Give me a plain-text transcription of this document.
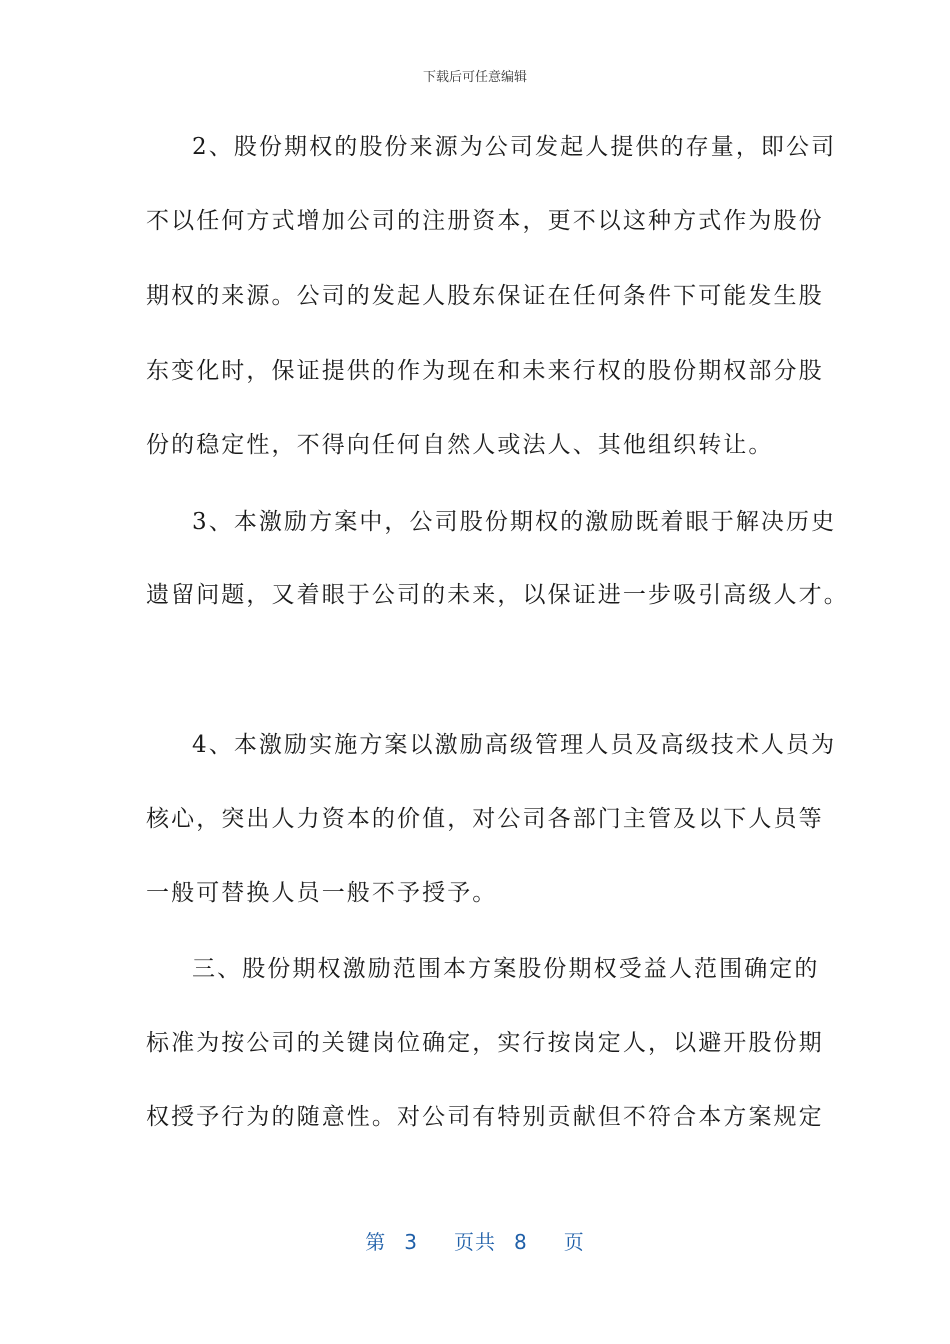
下载后可任意编辑
2、股份期权的股份来源为公司发起人提供的存量，即公司
不以任何方式增加公司的注册资本，更不以这种方式作为股份
期权的来源。公司的发起人股东保证在任何条件下可能发生股
东变化时，保证提供的作为现在和未来行权的股份期权部分股
份的稳定性，不得向任何自然人或法人、其他组织转让。
3、本激励方案中，公司股份期权的激励既着眼于解决历史
遗留问题，又着眼于公司的未来，以保证进一步吸引高级人才。
4、本激励实施方案以激励高级管理人员及高级技术人员为
核心，突出人力资本的价值，对公司各部门主管及以下人员等
一般可替换人员一般不予授予。
三、股份期权激励范围本方案股份期权受益人范围确定的
标准为按公司的关键岗位确定，实行按岗定人，以避开股份期
权授予行为的随意性。对公司有特别贡献但不符合本方案规定
第 3 页共 8 页
